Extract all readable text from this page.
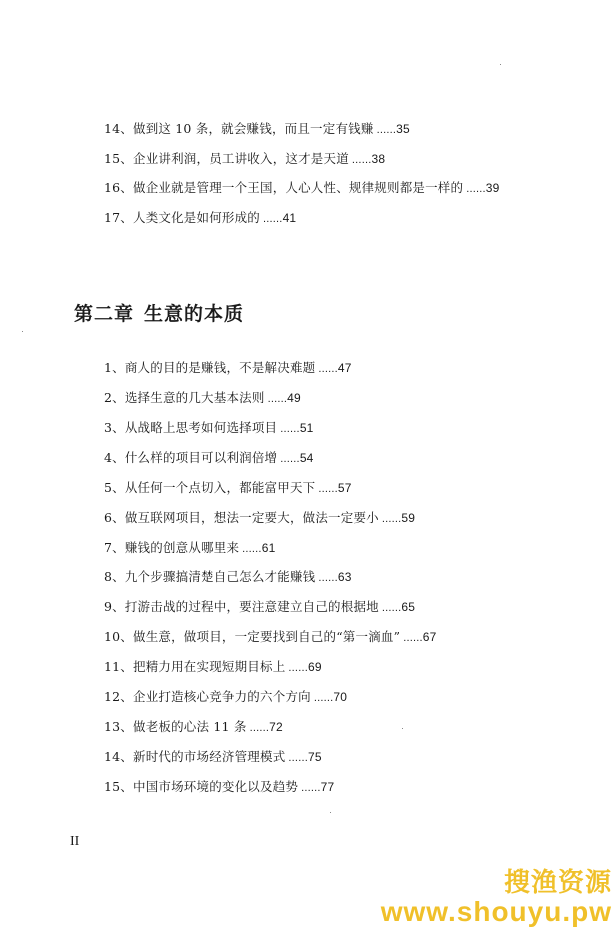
14、做到这 10 条，就会赚钱，而且一定有钱赚 ......35
15、企业讲利润，员工讲收入，这才是天道 ......38
16、做企业就是管理一个王国，人心人性、规律规则都是一样的 ......39
17、人类文化是如何形成的 ......41
第二章 生意的本质
1、商人的目的是赚钱，不是解决难题 ......47
2、选择生意的几大基本法则 ......49
3、从战略上思考如何选择项目 ......51
4、什么样的项目可以利润倍增 ......54
5、从任何一个点切入，都能富甲天下 ......57
6、做互联网项目，想法一定要大，做法一定要小 ......59
7、赚钱的创意从哪里来 ......61
8、九个步骤搞清楚自己怎么才能赚钱 ......63
9、打游击战的过程中，要注意建立自己的根据地 ......65
10、做生意，做项目，一定要找到自己的“第一滴血” ......67
11、把精力用在实现短期目标上 ......69
12、企业打造核心竞争力的六个方向 ......70
13、做老板的心法 11 条 ......72
14、新时代的市场经济管理模式 ......75
15、中国市场环境的变化以及趋势 ......77
II
搜渔资源
www.shouyu.pw
